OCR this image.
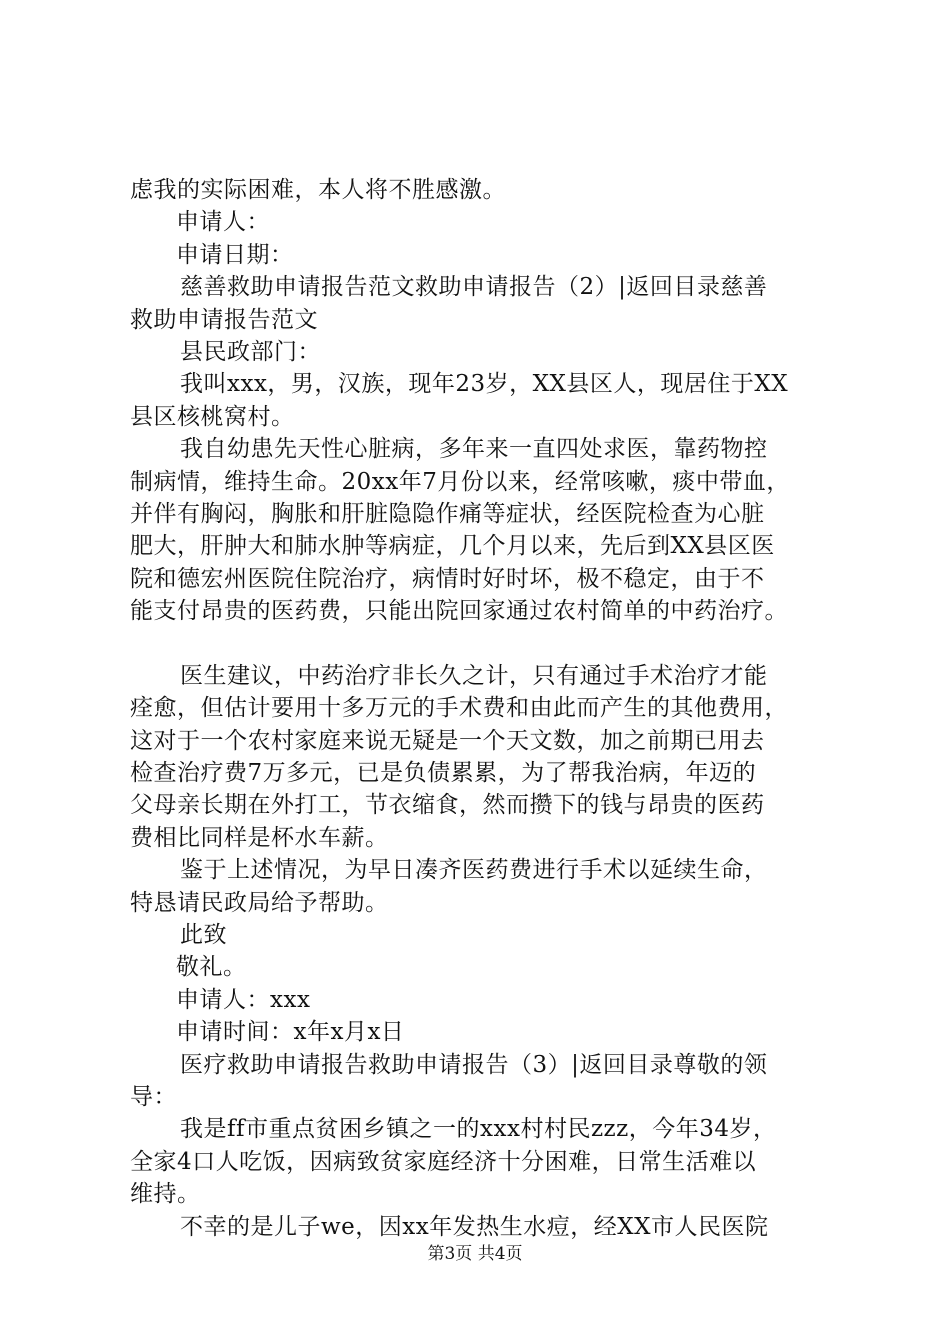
虑我的实际困难，本人将不胜感激。
申请人：
申请日期：
慈善救助申请报告范文救助申请报告（2）|返回目录慈善
救助申请报告范文
县民政部门：
我叫xxx，男，汉族，现年23岁，XX县区人，现居住于XX
县区核桃窝村。
我自幼患先天性心脏病，多年来一直四处求医，靠药物控
制病情，维持生命。20xx年7月份以来，经常咳嗽，痰中带血，
并伴有胸闷，胸胀和肝脏隐隐作痛等症状，经医院检查为心脏
肥大，肝肿大和肺水肿等病症，几个月以来，先后到XX县区医
院和德宏州医院住院治疗，病情时好时坏，极不稳定，由于不
能支付昂贵的医药费，只能出院回家通过农村简单的中药治疗。
医生建议，中药治疗非长久之计，只有通过手术治疗才能
痊愈，但估计要用十多万元的手术费和由此而产生的其他费用，
这对于一个农村家庭来说无疑是一个天文数，加之前期已用去
检查治疗费7万多元，已是负债累累，为了帮我治病，年迈的
父母亲长期在外打工，节衣缩食，然而攒下的钱与昂贵的医药
费相比同样是杯水车薪。
鉴于上述情况，为早日凑齐医药费进行手术以延续生命，
特恳请民政局给予帮助。
此致
敬礼。
申请人：xxx
申请时间：x年x月x日
医疗救助申请报告救助申请报告（3）|返回目录尊敬的领
导：
我是ff市重点贫困乡镇之一的xxx村村民zzz，今年34岁，
全家4口人吃饭，因病致贫家庭经济十分困难，日常生活难以
维持。
不幸的是儿子we，因xx年发热生水痘，经XX市人民医院
第3页 共4页
